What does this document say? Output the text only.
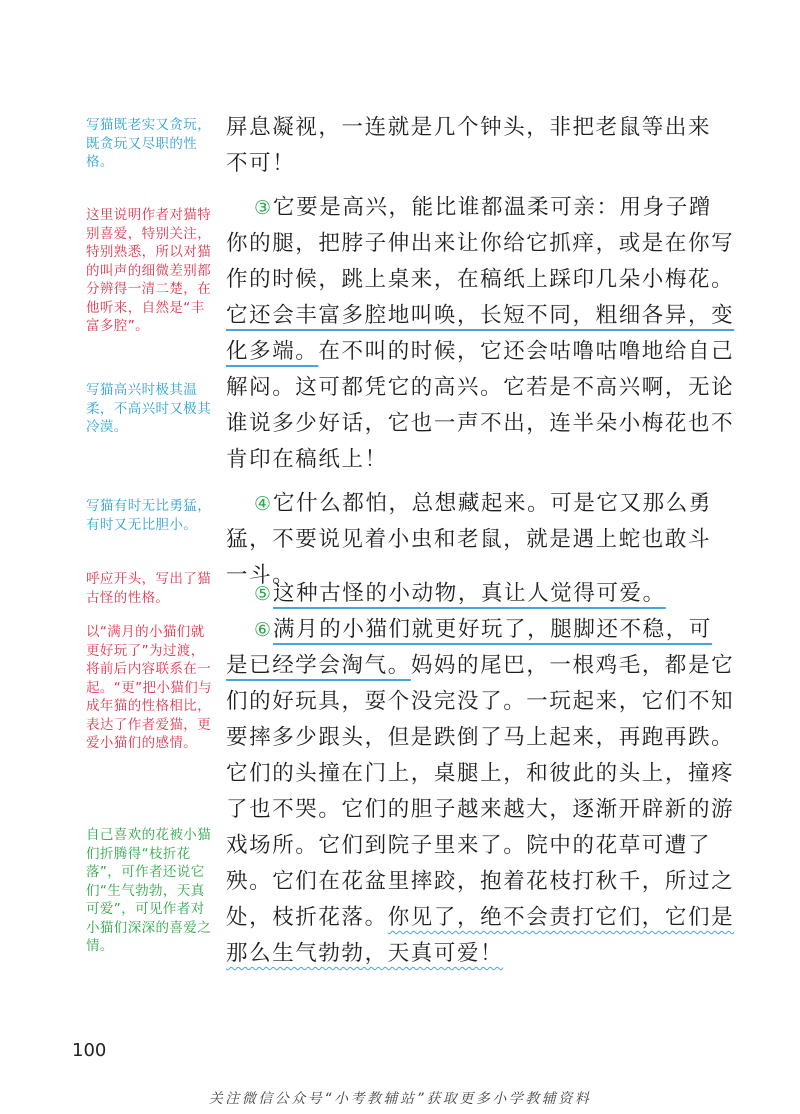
写猫既老实又贪玩，既贪玩又尽职的性格。
这里说明作者对猫特别喜爱，特别关注，特别熟悉，所以对猫的叫声的细微差别都分辨得一清二楚，在他听来，自然是“丰富多腔”。
写猫高兴时极其温柔，不高兴时又极其冷漠。
写猫有时无比勇猛，有时又无比胆小。
呼应开头，写出了猫古怪的性格。
以“满月的小猫们就更好玩了”为过渡，将前后内容联系在一起。“更”把小猫们与成年猫的性格相比，表达了作者爱猫，更爱小猫们的感情。
自己喜欢的花被小猫们折腾得“枝折花落”，可作者还说它们“生气勃勃，天真可爱”，可见作者对小猫们深深的喜爱之情。
屏息凝视，一连就是几个钟头，非把老鼠等出来
不可！
③它要是高兴，能比谁都温柔可亲：用身子蹭
你的腿，把脖子伸出来让你给它抓痒，或是在你写
作的时候，跳上桌来，在稿纸上踩印几朵小梅花。
它还会丰富多腔地叫唤，长短不同，粗细各异，变
化多端。在不叫的时候，它还会咕噜咕噜地给自己
解闷。这可都凭它的高兴。它若是不高兴啊，无论
谁说多少好话，它也一声不出，连半朵小梅花也不
肯印在稿纸上！
④它什么都怕，总想藏起来。可是它又那么勇
猛，不要说见着小虫和老鼠，就是遇上蛇也敢斗
一斗。
⑤这种古怪的小动物，真让人觉得可爱。
⑥满月的小猫们就更好玩了，腿脚还不稳，可
是已经学会淘气。妈妈的尾巴，一根鸡毛，都是它
们的好玩具，耍个没完没了。一玩起来，它们不知
要摔多少跟头，但是跌倒了马上起来，再跑再跌。
它们的头撞在门上，桌腿上，和彼此的头上，撞疼
了也不哭。它们的胆子越来越大，逐渐开辟新的游
戏场所。它们到院子里来了。院中的花草可遭了
殃。它们在花盆里摔跤，抱着花枝打秋千，所过之
处，枝折花落。你见了，绝不会责打它们，它们是
那么生气勃勃，天真可爱！
100
关注微信公众号“小考教辅站”获取更多小学教辅资料
